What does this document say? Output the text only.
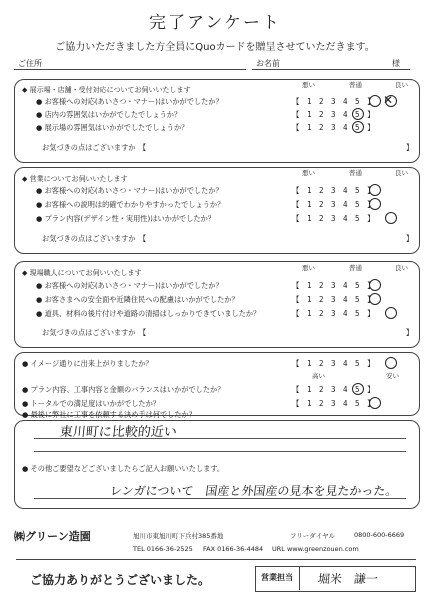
完了アンケート
ご協力いただきました方全員にQuoカードを贈呈させていただきます。
ご住所	お名前	様
悪い	普通	良い
◆ 展示場・店舗・受付対応についてお伺いいたします
● お客様への対応(あいさつ・マナー)はいかがでしたか？	【　1　2　3　4　5　】
● 店内の雰囲気はいかがでしたでしょうか？	【　1　2　3　4　5　】
● 展示場の雰囲気はいかがでしたでしょうか？	【　1　2　3　4　5　】
お気づきの点はございますか　【	】
✕
悪い	普通	良い
◆ 営業についてお伺いいたします
● お客様への対応(あいさつ・マナー)はいかがでしたか？	【　1　2　3　4　5　】
● お客様への説明は的確でわかりやすかったでしょうか？	【　1　2　3　4　5　】
● プラン内容(デザイン性・実用性)はいかがでしたか？	【　1　2　3　4　5　】
お気づきの点はございますか　【	】
悪い	普通	良い
◆ 現場職人についてお伺いいたします
● お客様への対応(あいさつ・マナー)はいかがでしたか？	【　1　2　3　4　5　】
● お客さまへの安全面や近隣住民への配慮はいかがでしたか？	【　1　2　3　4　5　】
● 道具、材料の後片付けや道路の清掃はしっかりできていましたか？	【　1　2　3　4　5　】
お気づきの点はございますか　【	】
● イメージ通りに出来上がりましたか？	【　1　2　3　4　5　】
高い	安い
● プラン内容、工事内容と金額のバランスはいかがでしたか？	【　1　2　3　4　5　】
● トータルでの満足度はいかがでしたか？	【　1　2　3　4　5　】
● 最後に弊社に工事を依頼する決め手は何でしたか？
東川町に比較的近い
● その他ご要望などございましたらご記入お願いいたします。
レンガについて　国産と外国産の見本を見たかった。
㈱グリーン造園	旭川市東旭川町下兵村385番地	フリーダイヤル	0800-600-6669
TEL 0166-36-2525 FAX 0166-36-4484 URL www.greenzouen.com
ご協力ありがとうございました。	営業担当	堀米　謙一
